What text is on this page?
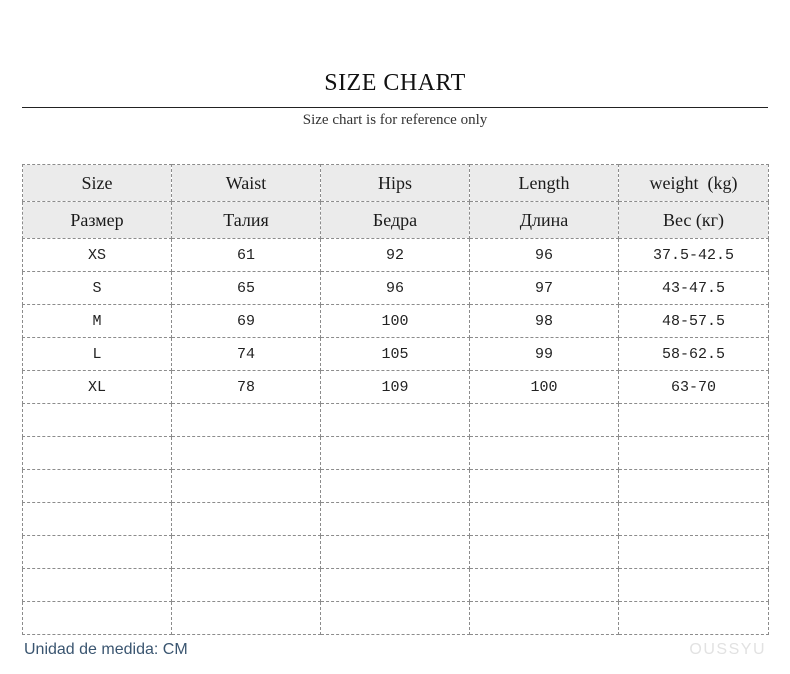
SIZE CHART
Size chart is for reference only
Size	Waist	Hips	Length	weight  (kg)
Размер	Талия	Бедра	Длина	Вес (кг)
XS	61	92	96	37.5-42.5
S	65	96	97	43-47.5
M	69	100	98	48-57.5
L	74	105	99	58-62.5
XL	78	109	100	63-70

Unidad de medida: CM	OUSSYU
